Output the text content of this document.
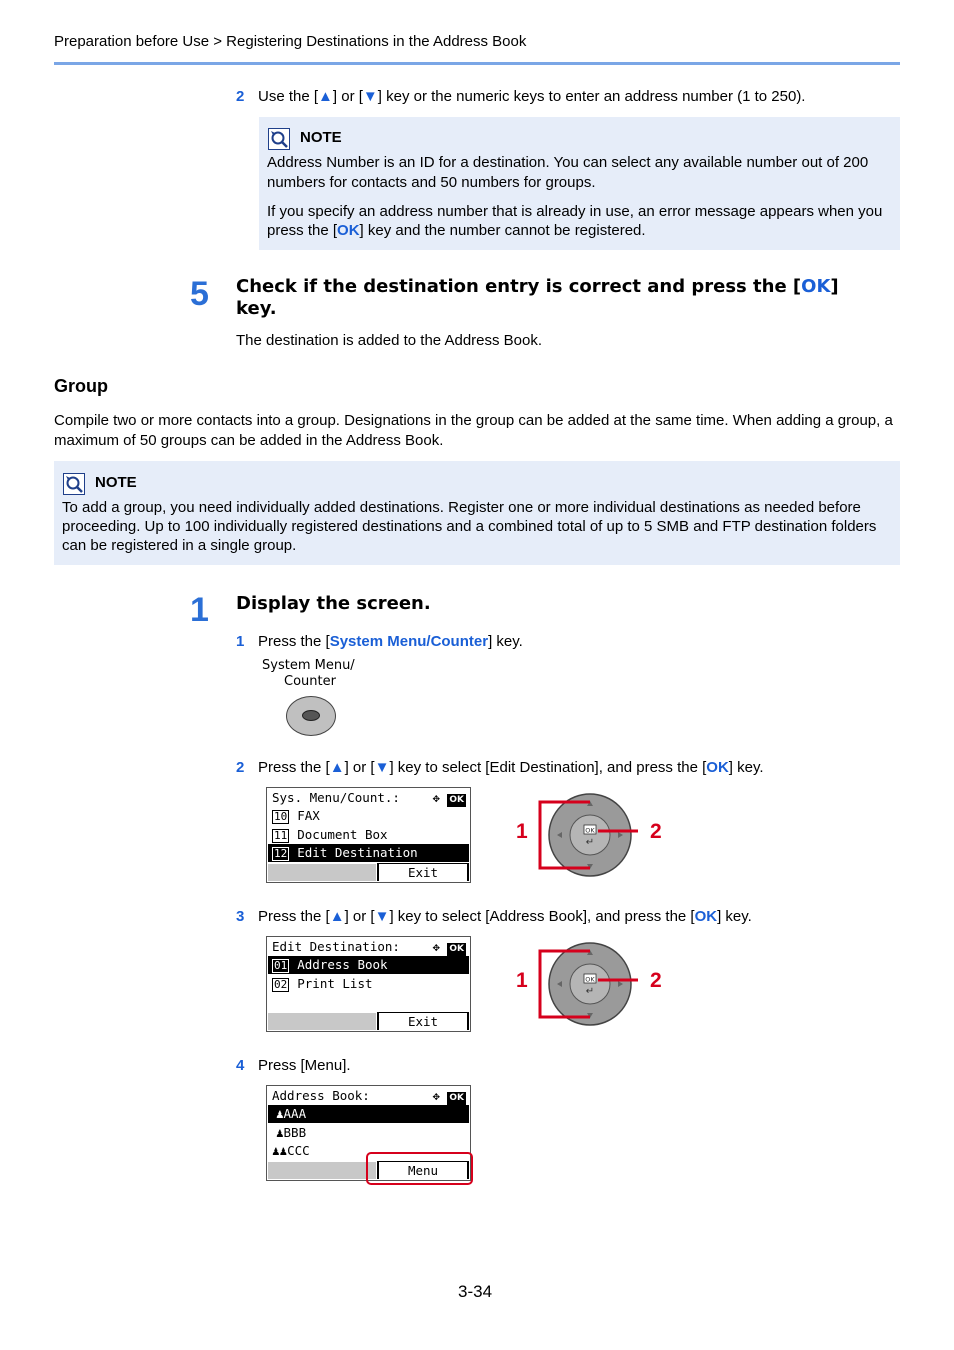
Preparation before Use > Registering Destinations in the Address Book
2 Use the [▲] or [▼] key or the numeric keys to enter an address number (1 to 250).
NOTE
Address Number is an ID for a destination. You can select any available number out of 200 numbers for contacts and 50 numbers for groups.
If you specify an address number that is already in use, an error message appears when you press the [OK] key and the number cannot be registered.
5 Check if the destination entry is correct and press the [OK] key.
The destination is added to the Address Book.
Group
Compile two or more contacts into a group. Designations in the group can be added at the same time. When adding a group, a maximum of 50 groups can be added in the Address Book.
NOTE
To add a group, you need individually added destinations. Register one or more individual destinations as needed before proceeding. Up to 100 individually registered destinations and a combined total of up to 5 SMB and FTP destination folders can be registered in a single group.
1 Display the screen.
1 Press the [System Menu/Counter] key.
System Menu/
Counter
2 Press the [▲] or [▼] key to select [Edit Destination], and press the [OK] key.
Sys. Menu/Count.:	✥ OK
10 FAX
11 Document Box
12 Edit Destination
Exit
OK
↵
1	2
3 Press the [▲] or [▼] key to select [Address Book], and press the [OK] key.
Edit Destination:	✥ OK
01 Address Book
02 Print List
Exit
OK
↵
1	2
4 Press [Menu].
Address Book:	✥ OK
♟AAA
♟BBB
♟♟CCC
Menu
3-34
